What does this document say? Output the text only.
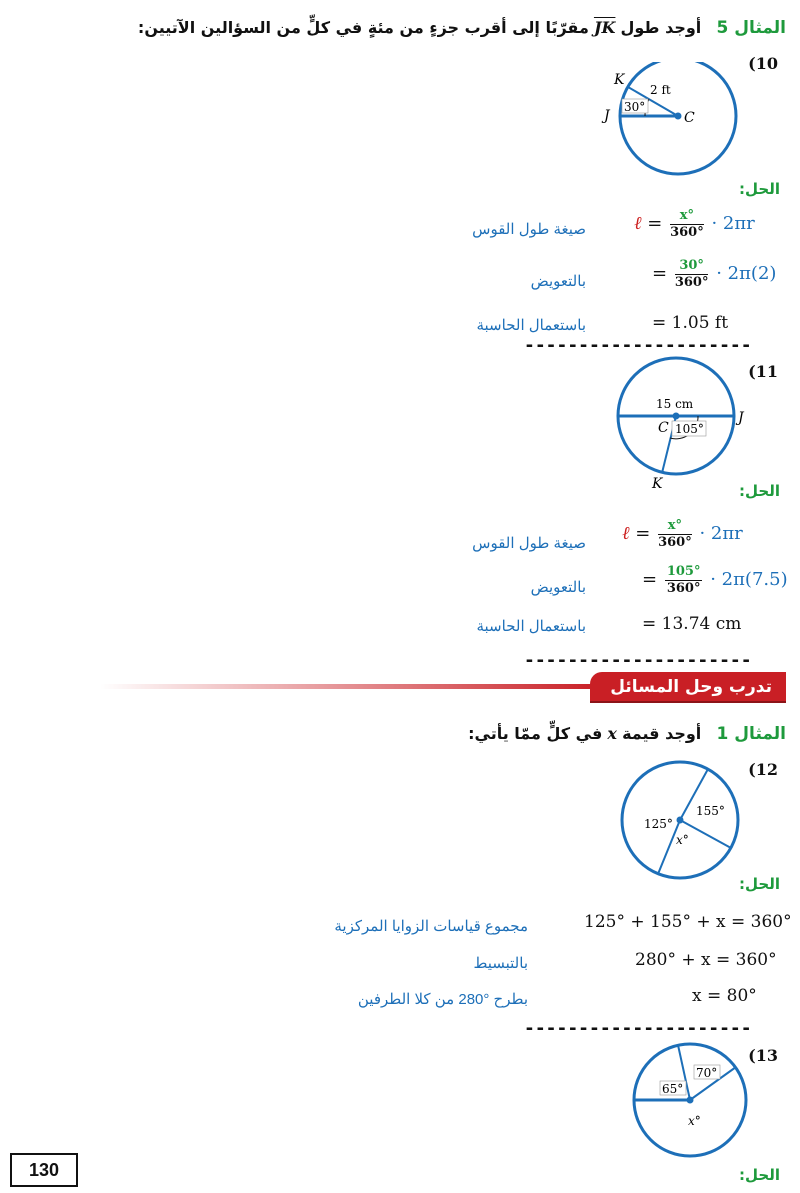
المثال 5   أوجد طول JK مقرّبًا إلى أقرب جزءٍ من مئةٍ في كلٍّ من السؤالين الآتيين:
(10
K
J	C
2 ft
30°
الحل:
صيغة طول القوس	ℓ = $\frac{x^\circ}{360^\circ} \cdot 2\pi r$
بالتعويض	= $\frac{30^\circ}{360^\circ} \cdot 2\pi(2)$
باستعمال الحاسبة	= 1.05 ft
---------------------
(11
15 cm
C 105°
J
K	الحل:
صيغة طول القوس ℓ = $\frac{x^\circ}{360^\circ} \cdot 2\pi r$
بالتعويض	= $\frac{105^\circ}{360^\circ} \cdot 2\pi(7.5)$
باستعمال الحاسبة	= 13.74 cm
---------------------
تدرب وحل المسائل
المثال 1   أوجد قيمة x في كلٍّ ممّا يأتي:
(12
155°
125°
x°
الحل:
مجموع قياسات الزوايا المركزية	125° + 155° + x = 360°
بالتبسيط	280° + x = 360°
بطرح °280 من كلا الطرفين	x = 80°
---------------------
(13
65°
70°
x°
130	الحل:
